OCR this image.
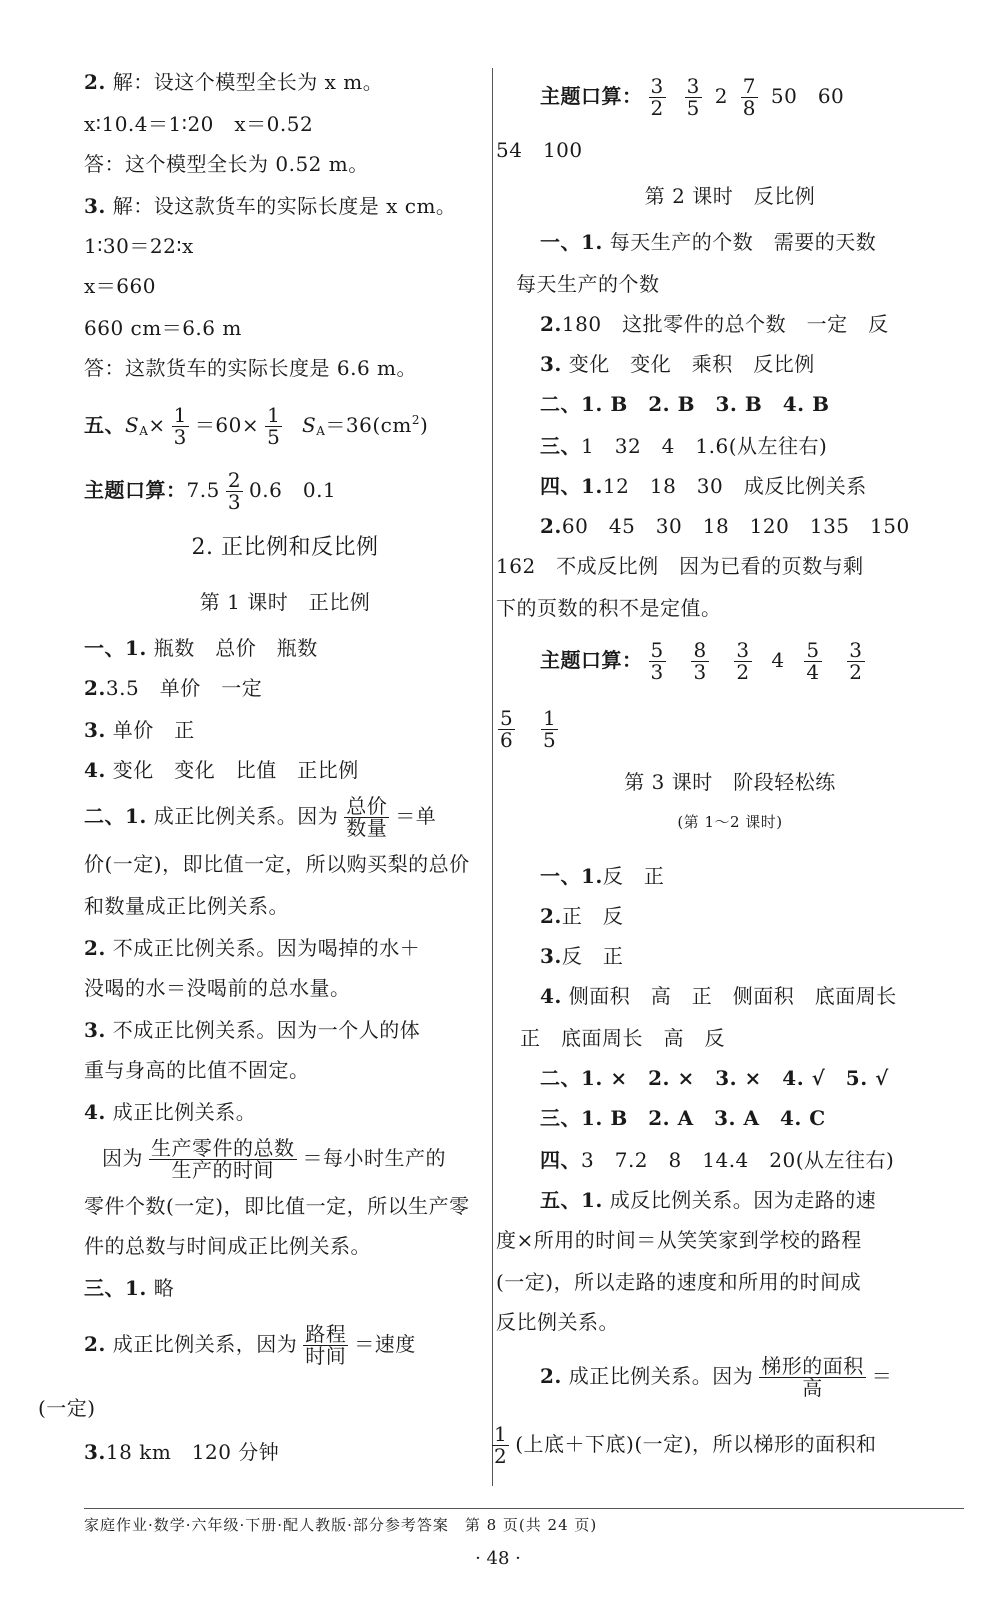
2. 解：设这个模型全长为 x m。
x∶10.4＝1∶20　x＝0.52
答：这个模型全长为 0.52 m。
3. 解：设这款货车的实际长度是 x cm。
1∶30＝22∶x
x＝660
660 cm＝6.6 m
答：这款货车的实际长度是 6.6 m。
五、$S_A\times \frac{1}{3} =60\times \frac{1}{5} S_A=36(cm^2)$
主题口算：$7.5 \frac{2}{3} 0.6$　0.1
2. 正比例和反比例
第 1 课时　正比例
一、1. 瓶数　总价　瓶数
2.3.5　单价　一定
3. 单价　正
4. 变化　变化　比值　正比例
二、1. 成正比例关系。因为 $\frac{\text{总价}}{\text{数量}}$ ＝单
价(一定)，即比值一定，所以购买梨的总价
和数量成正比例关系。
2. 不成正比例关系。因为喝掉的水＋
没喝的水＝没喝前的总水量。
3. 不成正比例关系。因为一个人的体
重与身高的比值不固定。
4. 成正比例关系。
因为 $\frac{\text{生产零件的总数}}{\text{生产的时间}}$ ＝每小时生产的
零件个数(一定)，即比值一定，所以生产零
件的总数与时间成正比例关系。
三、1. 略
2. 成正比例关系，因为 $\frac{\text{路程}}{\text{时间}}$ ＝速度
(一定)
3.18 km　120 分钟
主题口算： $\frac{3}{2}$
$\frac{3}{5} 2 \frac{7}{8} 50$　60
54　100
第 2 课时　反比例
一、1. 每天生产的个数　需要的天数
每天生产的个数
2.180　这批零件的总个数　一定　反
3. 变化　变化　乘积　反比例
二、1. B　2. B　3. B　4. B
三、1　32　4　1.6(从左往右)
四、1.12　18　30　成反比例关系
2.60　45　30　18　120　135　150
162　不成反比例　因为已看的页数与剩
下的页数的积不是定值。
主题口算： $\frac{5}{3}$
$\frac{8}{3}$
$\frac{3}{2} 4 \frac{5}{4}$
$\frac{3}{2}$
$\frac{5}{6}$
$\frac{1}{5}$
第 3 课时　阶段轻松练
(第 1～2 课时)
一、1.反　正
2.正　反
3.反　正
4. 侧面积　高　正　侧面积　底面周长
正　底面周长　高　反
二、1. ×　2. ×　3. ×　4. √　5. √
三、1. B　2. A　3. A　4. C
四、3　7.2　8　14.4　20(从左往右)
五、1. 成反比例关系。因为走路的速
度×所用的时间＝从笑笑家到学校的路程
(一定)，所以走路的速度和所用的时间成
反比例关系。
2. 成正比例关系。因为 $\frac{\text{梯形的面积}}{\text{高}}$ ＝
$\frac{1}{2}$ (上底＋下底)(一定)，所以梯形的面积和
家庭作业·数学·六年级·下册·配人教版·部分参考答案　第 8 页(共 24 页)
· 48 ·
